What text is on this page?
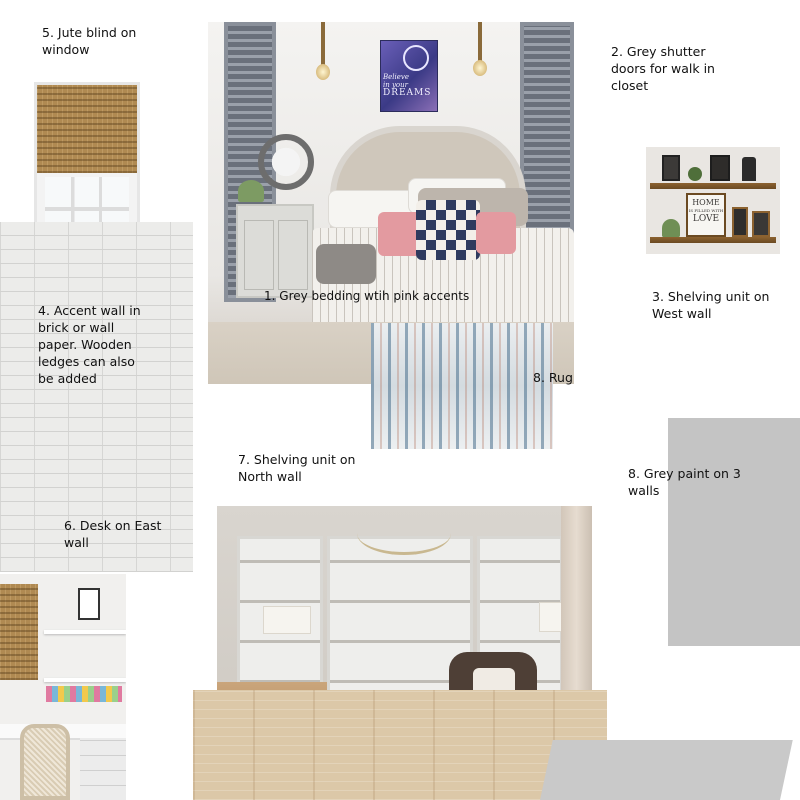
5. Jute blind on window
4. Accent wall in brick or wall paper. Wooden ledges can also be added
6. Desk on East wall
Believe
in your
DREAMS
1. Grey bedding wtih pink accents
2. Grey shutter doors for walk in closet
HOME
IS FILLED WITH
LOVE
3. Shelving unit on West wall
8. Rug
8. Grey paint on 3 walls
7. Shelving unit on North wall
